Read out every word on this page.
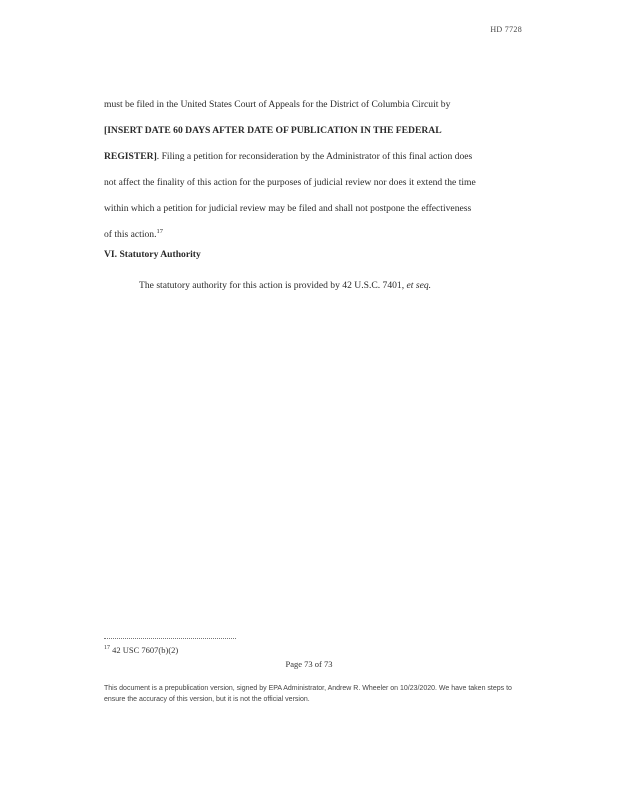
HD 7728
must be filed in the United States Court of Appeals for the District of Columbia Circuit by
[INSERT DATE 60 DAYS AFTER DATE OF PUBLICATION IN THE FEDERAL
REGISTER]. Filing a petition for reconsideration by the Administrator of this final action does
not affect the finality of this action for the purposes of judicial review nor does it extend the time
within which a petition for judicial review may be filed and shall not postpone the effectiveness
of this action.$^{17}$
VI. Statutory Authority
The statutory authority for this action is provided by 42 U.S.C. 7401, et seq.
$^{17}$ 42 USC 7607(b)(2)
Page 73 of 73
This document is a prepublication version, signed by EPA Administrator, Andrew R. Wheeler on 10/23/2020. We have taken steps to ensure the accuracy of this version, but it is not the official version.
